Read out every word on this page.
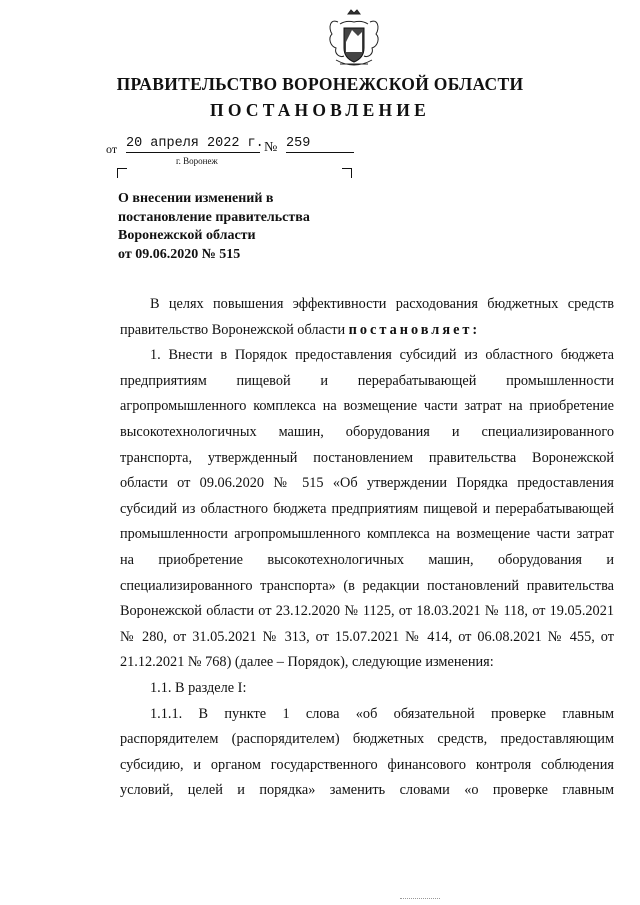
ПРАВИТЕЛЬСТВО ВОРОНЕЖСКОЙ ОБЛАСТИ
ПОСТАНОВЛЕНИЕ
от 20 апреля 2022 г. № 259
г. Воронеж
О внесении изменений в
постановление правительства
Воронежской области
от 09.06.2020 № 515

В целях повышения эффективности расходования бюджетных средств правительство Воронежской области постановляет:

1. Внести в Порядок предоставления субсидий из областного бюджета предприятиям пищевой и перерабатывающей промышленности агропромышленного комплекса на возмещение части затрат на приобретение высокотехнологичных машин, оборудования и специализированного транспорта, утвержденный постановлением правительства Воронежской области от 09.06.2020 № 515 «Об утверждении Порядка предоставления субсидий из областного бюджета предприятиям пищевой и перерабатывающей промышленности агропромышленного комплекса на возмещение части затрат на приобретение высокотехнологичных машин, оборудования и специализированного транспорта» (в редакции постановлений правительства Воронежской области от 23.12.2020 № 1125, от 18.03.2021 № 118, от 19.05.2021 № 280, от 31.05.2021 № 313, от 15.07.2021 № 414, от 06.08.2021 № 455, от 21.12.2021 № 768) (далее – Порядок), следующие изменения:

1.1. В разделе I:

1.1.1. В пункте 1 слова «об обязательной проверке главным распорядителем (распорядителем) бюджетных средств, предоставляющим субсидию, и органом государственного финансового контроля соблюдения условий, целей и порядка» заменить словами «о проверке главным
